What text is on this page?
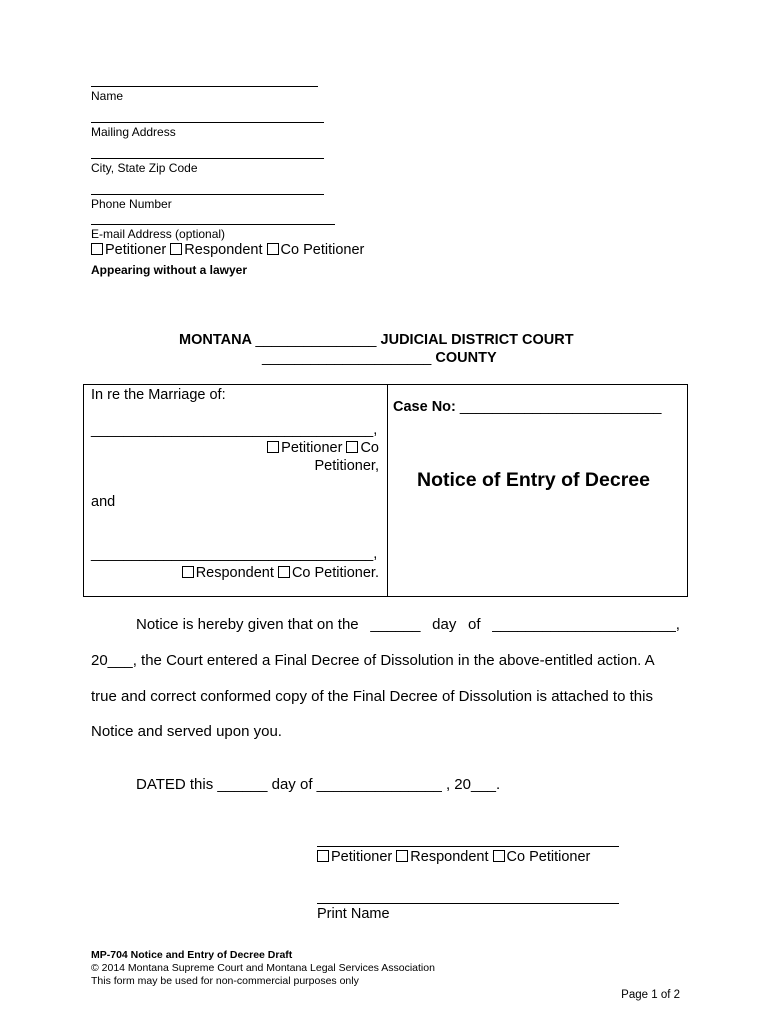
Name
Mailing Address
City, State Zip Code
Phone Number
E-mail Address (optional)
Petitioner Respondent Co Petitioner
Appearing without a lawyer
MONTANA _______________ JUDICIAL DISTRICT COURT
_____________________ COUNTY
In re the Marriage of:
___________________________________,
Petitioner Co
Petitioner,
and
___________________________________,
Respondent Co Petitioner.
Case No: _________________________
Notice of Entry of Decree
Notice is hereby given that on the ______ day of ______________________,
20___, the Court entered a Final Decree of Dissolution in the above-entitled action. A
true and correct conformed copy of the Final Decree of Dissolution is attached to this
Notice and served upon you.
DATED this ______ day of _______________ , 20___.
Petitioner Respondent Co Petitioner
Print Name
MP-704 Notice and Entry of Decree Draft
© 2014 Montana Supreme Court and Montana Legal Services Association
This form may be used for non-commercial purposes only
Page 1 of 2
